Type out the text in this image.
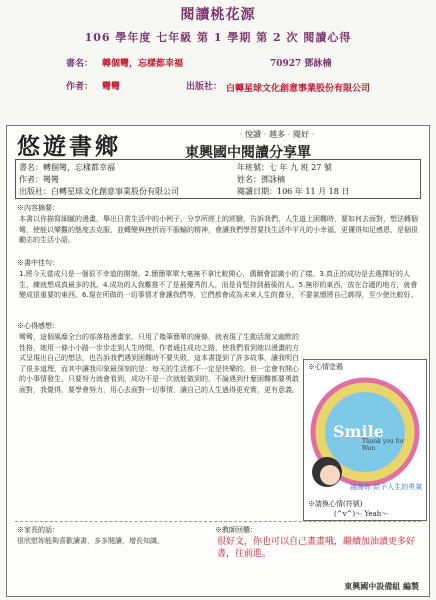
閱讀桃花源
106 學年度 七年級 第 1 學期 第 2 次 閱讀心得
書名： 轉個彎，忘樣都幸福	70927 鄧詠楠
作者： 彎彎	出版社： 白轉星球文化創意事業股份有限公司
悠遊書鄉	‧悅讀‧越多‧閱好‧
東興國中閱讀分享單
書名：轉個彎，忘樣都幸福	年班號：七 年 九 班 27 號
作者：彎彎	姓名：鄧詠楠
出版社：白轉星球文化創意事業股份有限公司	閱讀日期：106 年 11 月 18 日
※內容摘要：
本書以你描寫細膩的漫畫，舉出日常生活中的小例子，分享所經上的經驗，告訴我們，人生道上困難時，要如何去面對，想法轉個彎，使能以樂觀的態度去克服，並轉變與挫折而不服輸的精神，會讓我們學習要找生活中平凡的小幸福，更懂得知足感恩，是個很勵志的生活小語。
※書中佳句：
1.將今天當成只是一個很不幸道的開端。2.簡簡單單大毫無不拿比較開心，偶爾會認識小的了樣。3.真正的成功是去選擇好的人生，練就想成真最多的我。4.成功的人我難推不了是最優秀的人，而是肯堅持到最後的人。5.無形的東西，放在合適的地方，就會變成很重要的東西。6.現在所做的一切事情才會讓我們等，它們都會成為未來人生的養分，不要氣憤將自己綁得，至少使比較好。
※心得感想：
彎彎，這個風靡全台的部落格漫畫家，只用了幾筆簡單的線條，就表現了生動活潑又幽默的性格，她用一條小小路一步步走到人生時間，作者通往成功之路，使我們看到她以漫畫的方式呈現出自己的想法，也告訴我們遇到困難時不要失敗，這本書提到了許多故事，讓我明白了很多道理，而其中讓我印象最深刻的是：每天的生活都不一定是快樂的，但一定會有開心的小事情發生，只要努力就會看到，成功不是一次就能做到的，不論遇到什麼困難都要勇敢面對，我覺得，要學會努力，用心去面對一切事情，讓自己的人生過得更充實，更有意義。
※心情塗鴉
Smile
Thank you for Wan
謝謝妳 給予人生的勇氣
※請換心情(符號)
(^v^)～ Yeah～
※家長的話：
很欣慰妳能夠喜歡讀書，多多閱讀，增長知識。
※教師回饋：
很好文，你也可以自己畫畫哦，繼續加油讀更多好書，往前進。
東興國中設備組 編製
